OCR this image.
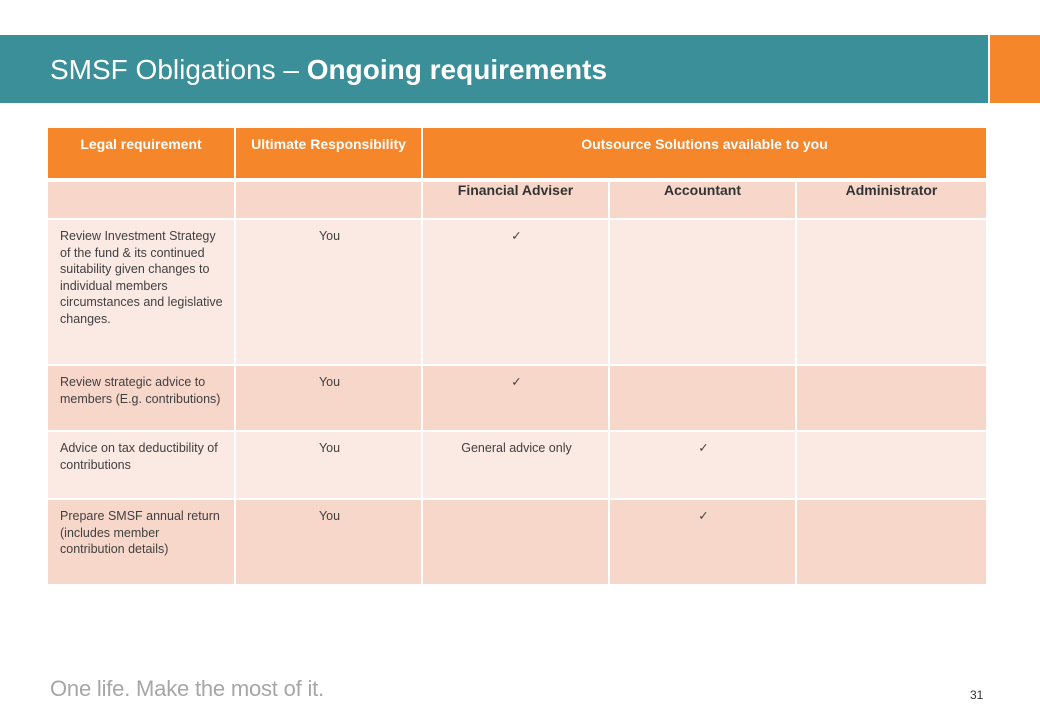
SMSF Obligations – Ongoing requirements
Legal requirement	Ultimate Responsibility	Outsource Solutions available to you		
		Financial Adviser	Accountant	Administrator
Review Investment Strategy of the fund & its continued suitability given changes to individual members circumstances and legislative changes.	You	✓		
Review strategic advice to members (E.g. contributions)	You	✓		
Advice on tax deductibility of contributions	You	General advice only	✓	
Prepare SMSF annual return (includes member contribution details)	You		✓	
One life. Make the most of it.	31
